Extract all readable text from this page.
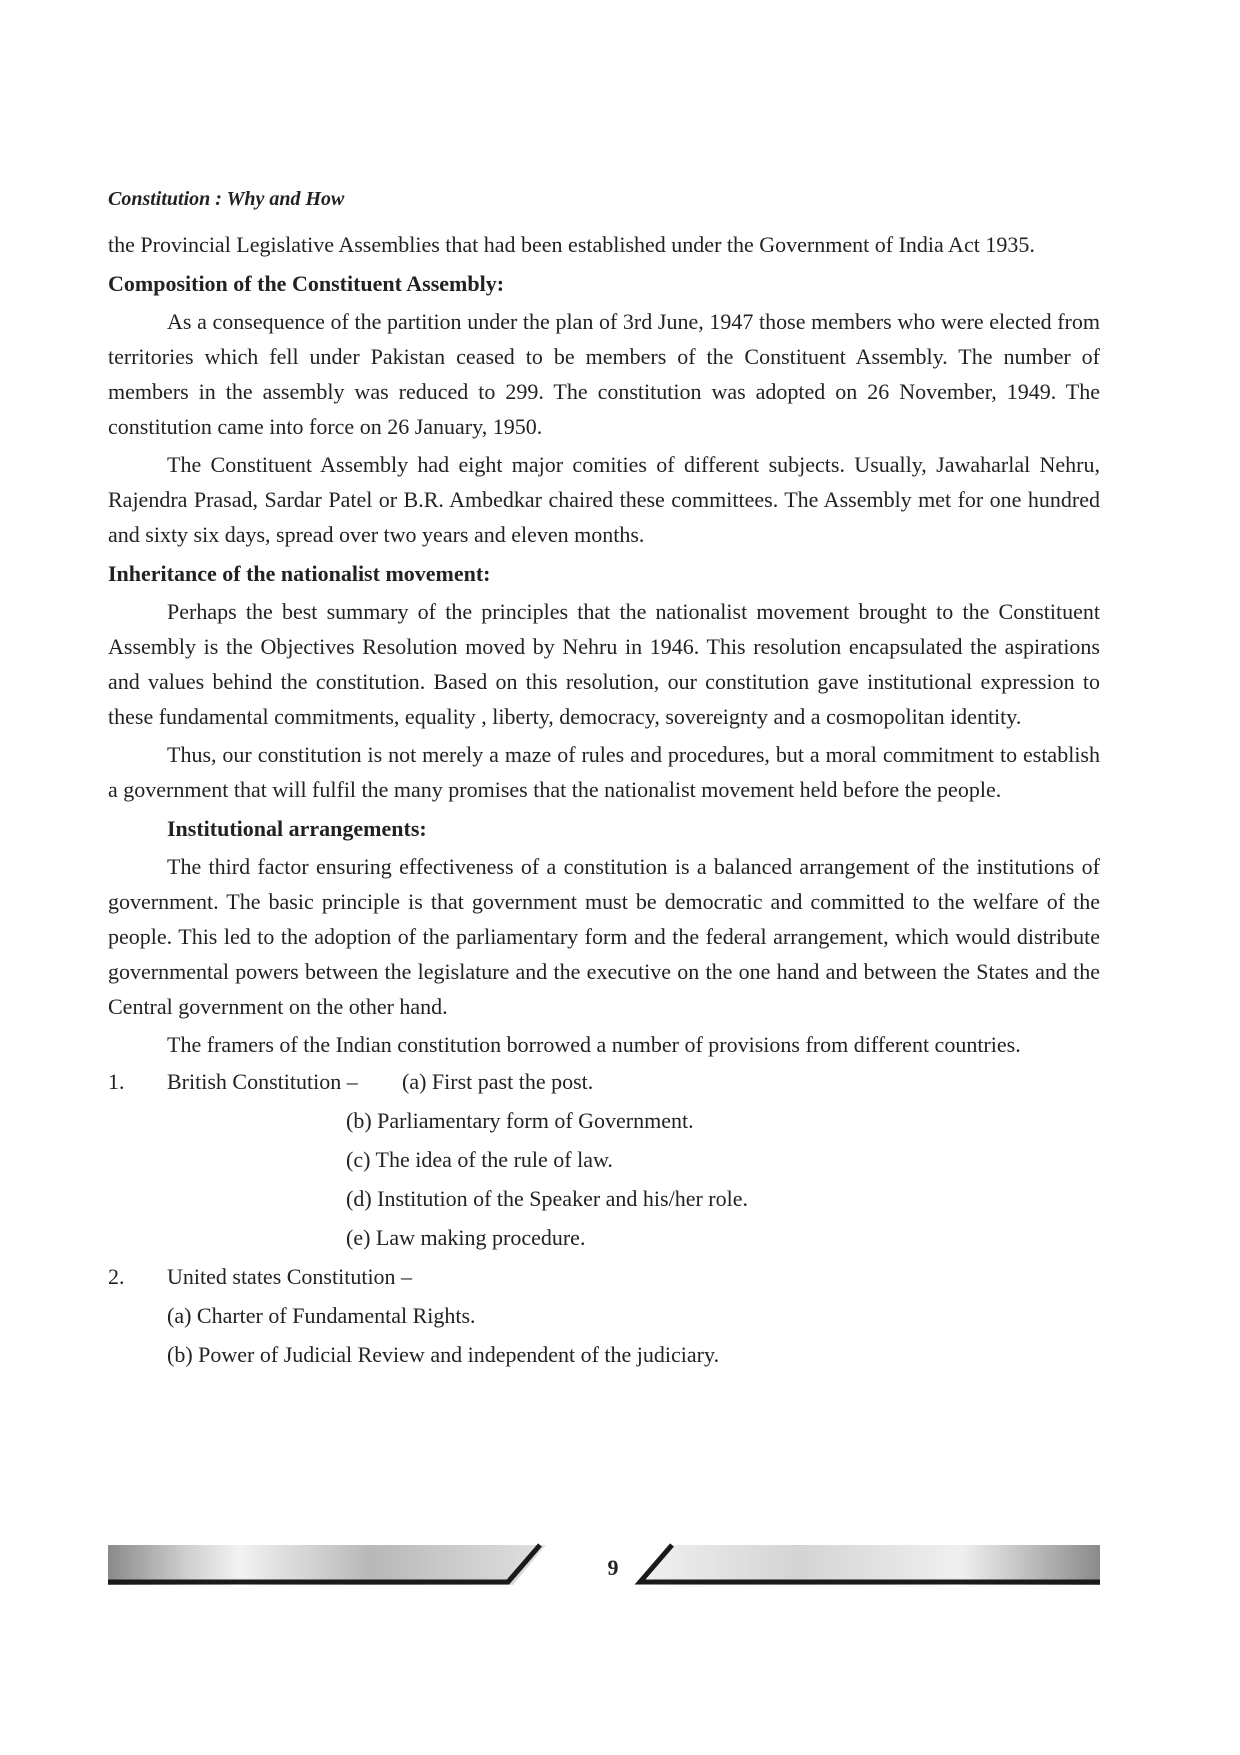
Constitution : Why and How

the Provincial Legislative Assemblies that had been established under the Government of India Act 1935.

Composition of the Constituent Assembly:

As a consequence of the partition under the plan of 3rd June, 1947 those members who were elected from territories which fell under Pakistan ceased to be members of the Constituent Assembly. The number of members in the assembly was reduced to 299. The constitution was adopted on 26 November, 1949. The constitution came into force on 26 January, 1950.

The Constituent Assembly had eight major comities of different subjects. Usually, Jawaharlal Nehru, Rajendra Prasad, Sardar Patel or B.R. Ambedkar chaired these committees. The Assembly met for one hundred and sixty six days, spread over two years and eleven months.

Inheritance of the nationalist movement:

Perhaps the best summary of the principles that the nationalist movement brought to the Constituent Assembly is the Objectives Resolution moved by Nehru in 1946. This resolution encapsulated the aspirations and values behind the constitution. Based on this resolution, our constitution gave institutional expression to these fundamental commitments, equality , liberty, democracy, sovereignty and a cosmopolitan identity.

Thus, our constitution is not merely a maze of rules and procedures, but a moral commitment to establish a government that will fulfil the many promises that the nationalist movement held before the people.

Institutional arrangements:

The third factor ensuring effectiveness of a constitution is a balanced arrangement of the institutions of government. The basic principle is that government must be democratic and committed to the welfare of the people. This led to the adoption of the parliamentary form and the federal arrangement, which would distribute governmental powers between the legislature and the executive on the one hand and between the States and the Central government on the other hand.

The framers of the Indian constitution borrowed a number of provisions from different countries.

1. British Constitution – (a) First past the post.
(b) Parliamentary form of Government.
(c) The idea of the rule of law.
(d) Institution of the Speaker and his/her role.
(e) Law making procedure.
2. United states Constitution –
(a) Charter of Fundamental Rights.
(b) Power of Judicial Review and independent of the judiciary.
9
